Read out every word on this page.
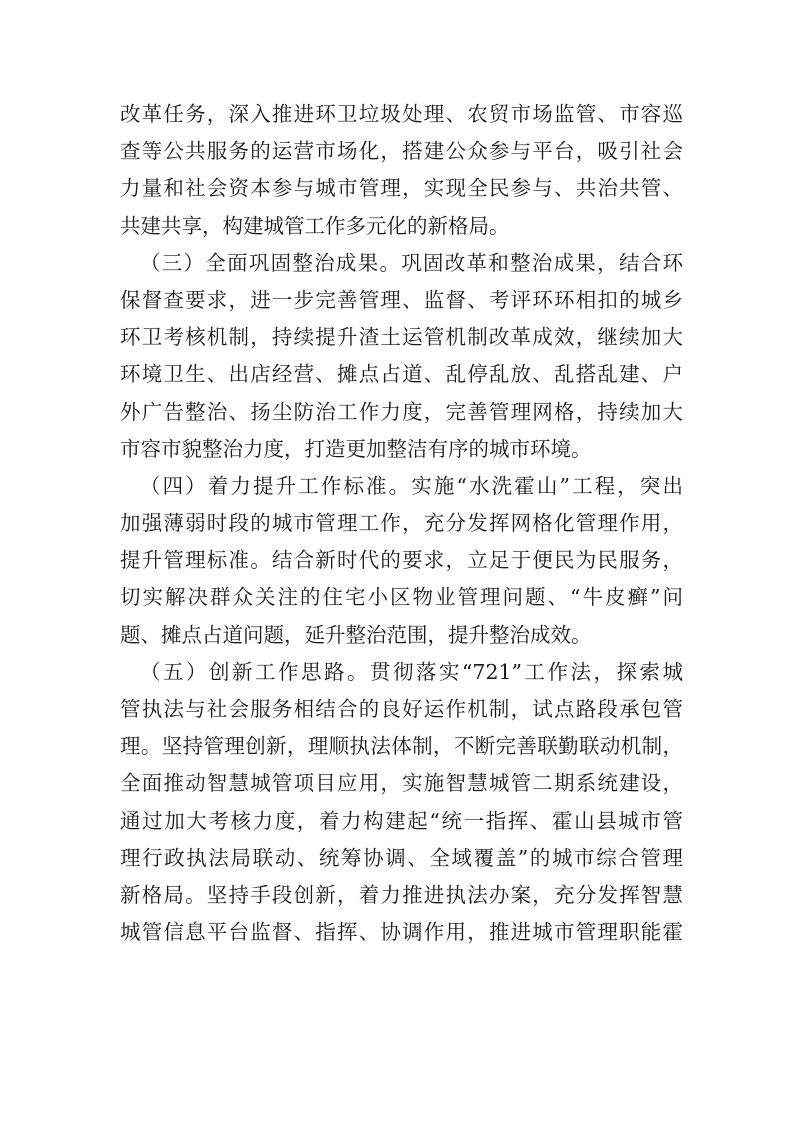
改革任务，深入推进环卫垃圾处理、农贸市场监管、市容巡
查等公共服务的运营市场化，搭建公众参与平台，吸引社会
力量和社会资本参与城市管理，实现全民参与、共治共管、
共建共享，构建城管工作多元化的新格局。
（三）全面巩固整治成果。巩固改革和整治成果，结合环
保督查要求，进一步完善管理、监督、考评环环相扣的城乡
环卫考核机制，持续提升渣土运管机制改革成效，继续加大
环境卫生、出店经营、摊点占道、乱停乱放、乱搭乱建、户
外广告整治、扬尘防治工作力度，完善管理网格，持续加大
市容市貌整治力度，打造更加整洁有序的城市环境。
（四）着力提升工作标准。实施“水洗霍山”工程，突出
加强薄弱时段的城市管理工作，充分发挥网格化管理作用，
提升管理标准。结合新时代的要求，立足于便民为民服务，
切实解决群众关注的住宅小区物业管理问题、“牛皮癣”问
题、摊点占道问题，延升整治范围，提升整治成效。
（五）创新工作思路。贯彻落实“721”工作法，探索城
管执法与社会服务相结合的良好运作机制，试点路段承包管
理。坚持管理创新，理顺执法体制，不断完善联勤联动机制，
全面推动智慧城管项目应用，实施智慧城管二期系统建设，
通过加大考核力度，着力构建起“统一指挥、霍山县城市管
理行政执法局联动、统筹协调、全域覆盖”的城市综合管理
新格局。坚持手段创新，着力推进执法办案，充分发挥智慧
城管信息平台监督、指挥、协调作用，推进城市管理职能霍
